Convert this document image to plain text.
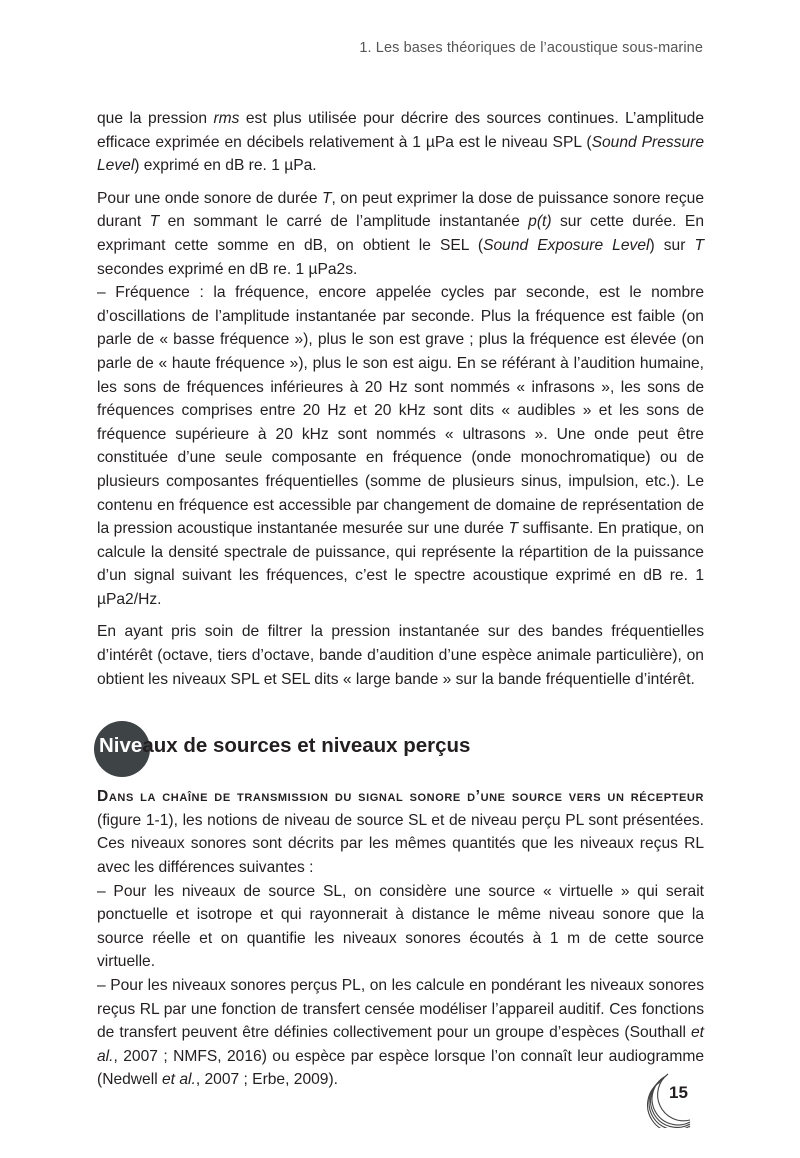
1. Les bases théoriques de l’acoustique sous-marine

que la pression rms est plus utilisée pour décrire des sources continues. L’amplitude efficace exprimée en décibels relativement à 1 µPa est le niveau SPL (Sound Pressure Level) exprimé en dB re. 1 µPa.

Pour une onde sonore de durée T, on peut exprimer la dose de puissance sonore reçue durant T en sommant le carré de l’amplitude instantanée p(t) sur cette durée. En exprimant cette somme en dB, on obtient le SEL (Sound Exposure Level) sur T secondes exprimé en dB re. 1 µPa2s.

– Fréquence : la fréquence, encore appelée cycles par seconde, est le nombre d’oscillations de l’amplitude instantanée par seconde. Plus la fréquence est faible (on parle de « basse fréquence »), plus le son est grave ; plus la fréquence est élevée (on parle de « haute fréquence »), plus le son est aigu. En se référant à l’audition humaine, les sons de fréquences inférieures à 20 Hz sont nommés « infrasons », les sons de fréquences comprises entre 20 Hz et 20 kHz sont dits « audibles » et les sons de fréquence supérieure à 20 kHz sont nommés « ultrasons ». Une onde peut être constituée d’une seule composante en fréquence (onde monochromatique) ou de plusieurs composantes fréquentielles (somme de plusieurs sinus, impulsion, etc.). Le contenu en fréquence est accessible par changement de domaine de représentation de la pression acoustique instantanée mesurée sur une durée T suffisante. En pratique, on calcule la densité spectrale de puissance, qui représente la répartition de la puissance d’un signal suivant les fréquences, c’est le spectre acoustique exprimé en dB re. 1 µPa2/Hz.

En ayant pris soin de filtrer la pression instantanée sur des bandes fréquentielles d’intérêt (octave, tiers d’octave, bande d’audition d’une espèce animale particulière), on obtient les niveaux SPL et SEL dits « large bande » sur la bande fréquentielle d’intérêt.

Niveaux de sources et niveaux perçus

Dans la chaîne de transmission du signal sonore d’une source vers un récepteur (figure 1-1), les notions de niveau de source SL et de niveau perçu PL sont présentées. Ces niveaux sonores sont décrits par les mêmes quantités que les niveaux reçus RL avec les différences suivantes :

– Pour les niveaux de source SL, on considère une source « virtuelle » qui serait ponctuelle et isotrope et qui rayonnerait à distance le même niveau sonore que la source réelle et on quantifie les niveaux sonores écoutés à 1 m de cette source virtuelle.

– Pour les niveaux sonores perçus PL, on les calcule en pondérant les niveaux sonores reçus RL par une fonction de transfert censée modéliser l’appareil auditif. Ces fonctions de transfert peuvent être définies collectivement pour un groupe d’espèces (Southall et al., 2007 ; NMFS, 2016) ou espèce par espèce lorsque l’on connaît leur audiogramme (Nedwell et al., 2007 ; Erbe, 2009).

15
